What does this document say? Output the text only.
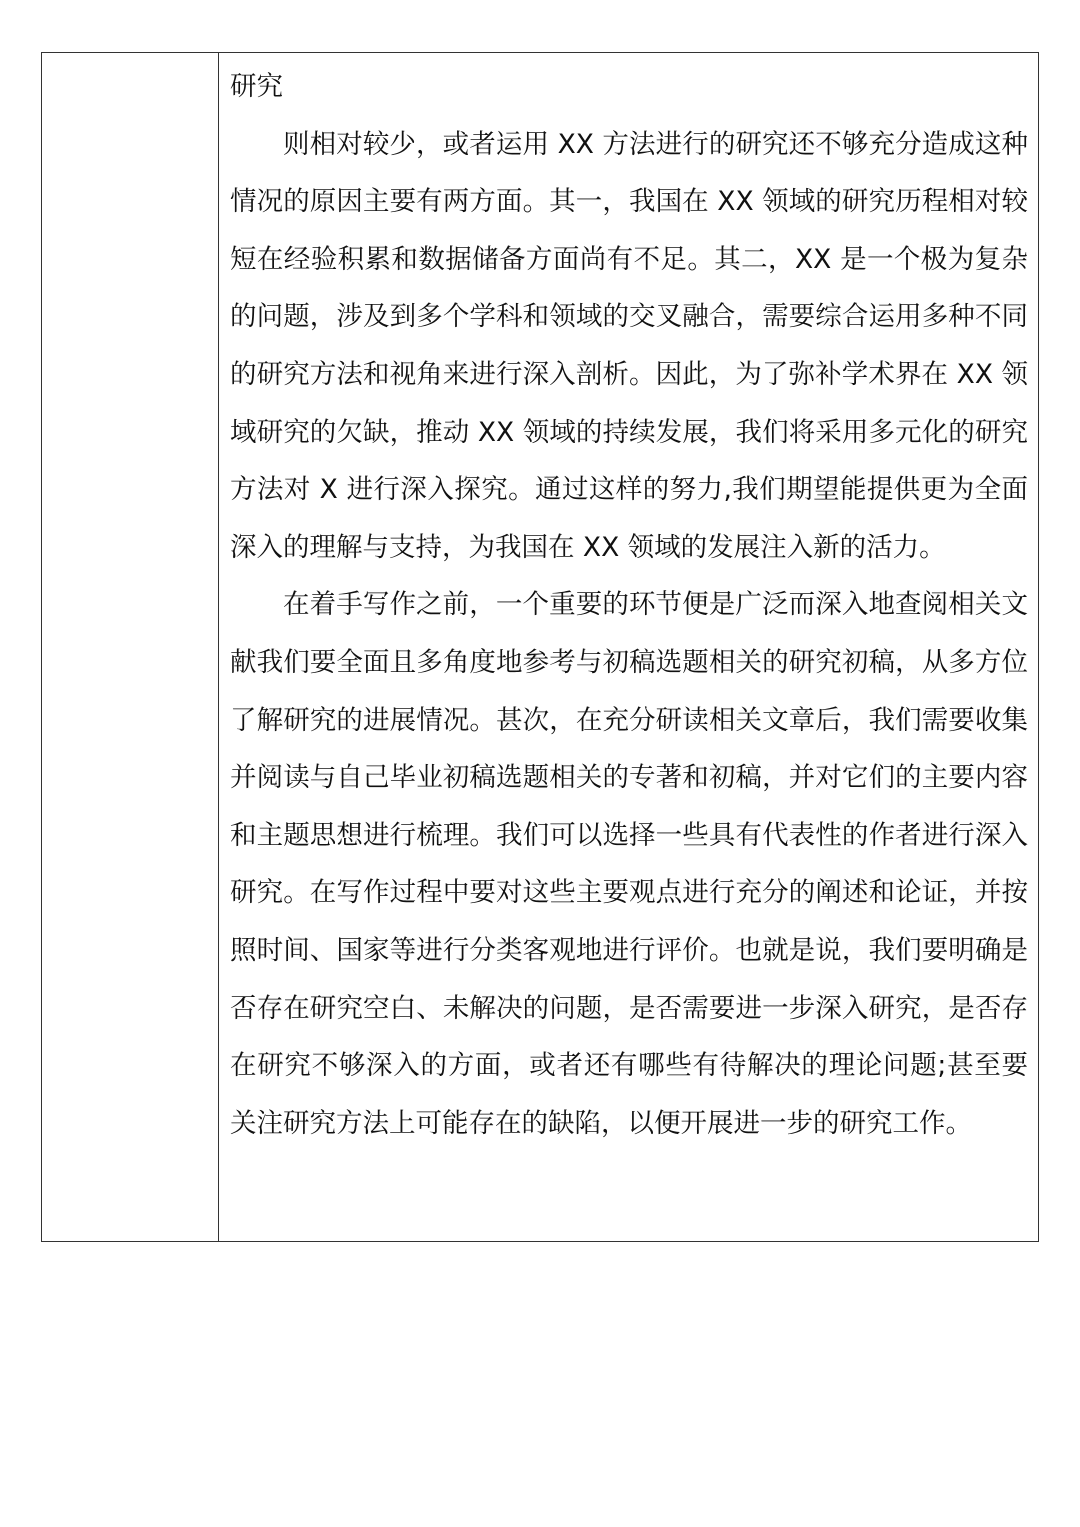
研究

则相对较少，或者运用 XX 方法进行的研究还不够充分造成这种情况的原因主要有两方面。其一，我国在 XX 领域的研究历程相对较短在经验积累和数据储备方面尚有不足。其二，XX 是一个极为复杂的问题，涉及到多个学科和领域的交叉融合，需要综合运用多种不同的研究方法和视角来进行深入剖析。因此，为了弥补学术界在 XX 领域研究的欠缺，推动 XX 领域的持续发展，我们将采用多元化的研究方法对 X 进行深入探究。通过这样的努力,我们期望能提供更为全面深入的理解与支持，为我国在 XX 领域的发展注入新的活力。

在着手写作之前，一个重要的环节便是广泛而深入地查阅相关文献我们要全面且多角度地参考与初稿选题相关的研究初稿，从多方位了解研究的进展情况。甚次，在充分研读相关文章后，我们需要收集并阅读与自己毕业初稿选题相关的专著和初稿，并对它们的主要内容和主题思想进行梳理。我们可以选择一些具有代表性的作者进行深入研究。在写作过程中要对这些主要观点进行充分的阐述和论证，并按照时间、国家等进行分类客观地进行评价。也就是说，我们要明确是否存在研究空白、未解决的问题，是否需要进一步深入研究，是否存在研究不够深入的方面，或者还有哪些有待解决的理论问题;甚至要关注研究方法上可能存在的缺陷，以便开展进一步的研究工作。
